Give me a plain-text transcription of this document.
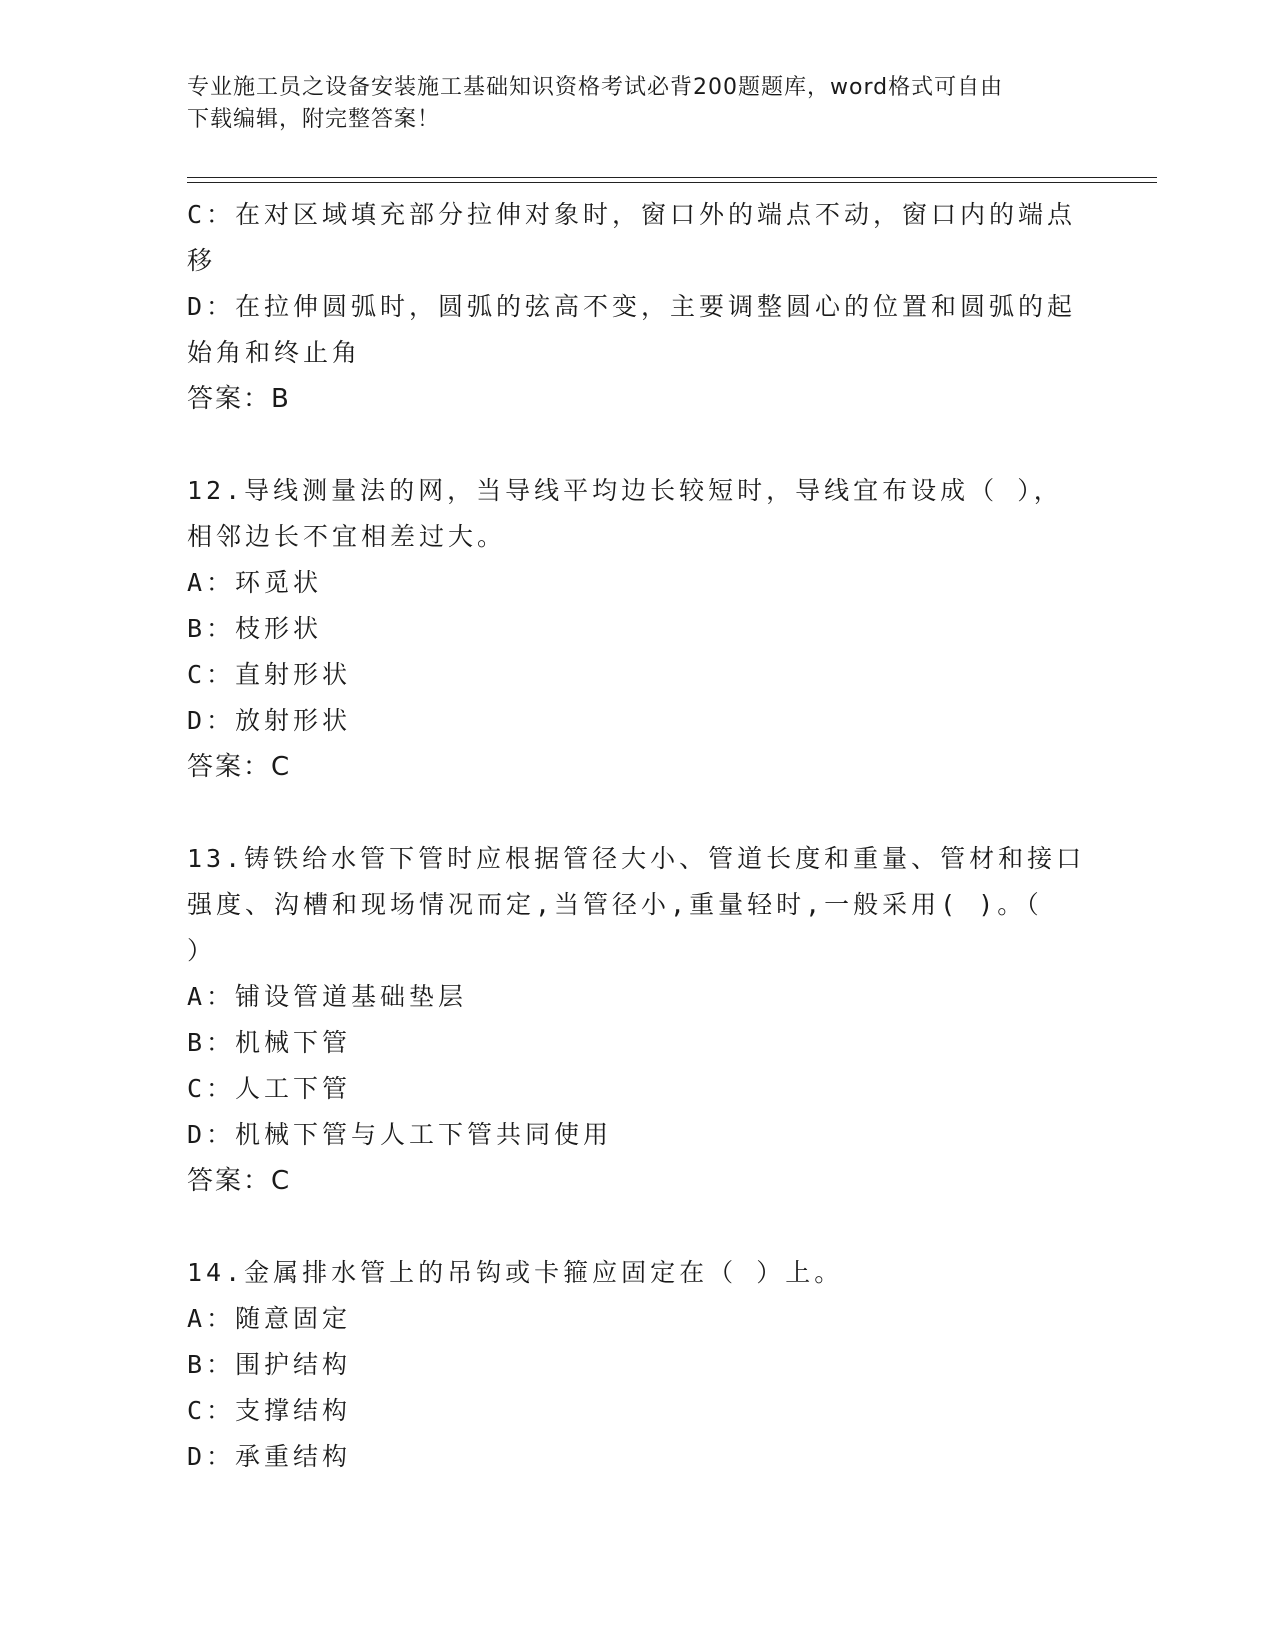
专业施工员之设备安装施工基础知识资格考试必背200题题库，word格式可自由
下载编辑，附完整答案！
C：在对区域填充部分拉伸对象时，窗口外的端点不动，窗口内的端点
移
D：在拉伸圆弧时，圆弧的弦高不变，主要调整圆心的位置和圆弧的起
始角和终止角
答案：B
12.导线测量法的网，当导线平均边长较短时，导线宜布设成（ ），
相邻边长不宜相差过大。
A：环觅状
B：枝形状
C：直射形状
D：放射形状
答案：C
13.铸铁给水管下管时应根据管径大小、管道长度和重量、管材和接口
强度、沟槽和现场情况而定,当管径小,重量轻时,一般采用( )。（
）
A：铺设管道基础垫层
B：机械下管
C：人工下管
D：机械下管与人工下管共同使用
答案：C
14.金属排水管上的吊钩或卡箍应固定在（ ）上。
A：随意固定
B：围护结构
C：支撑结构
D：承重结构
